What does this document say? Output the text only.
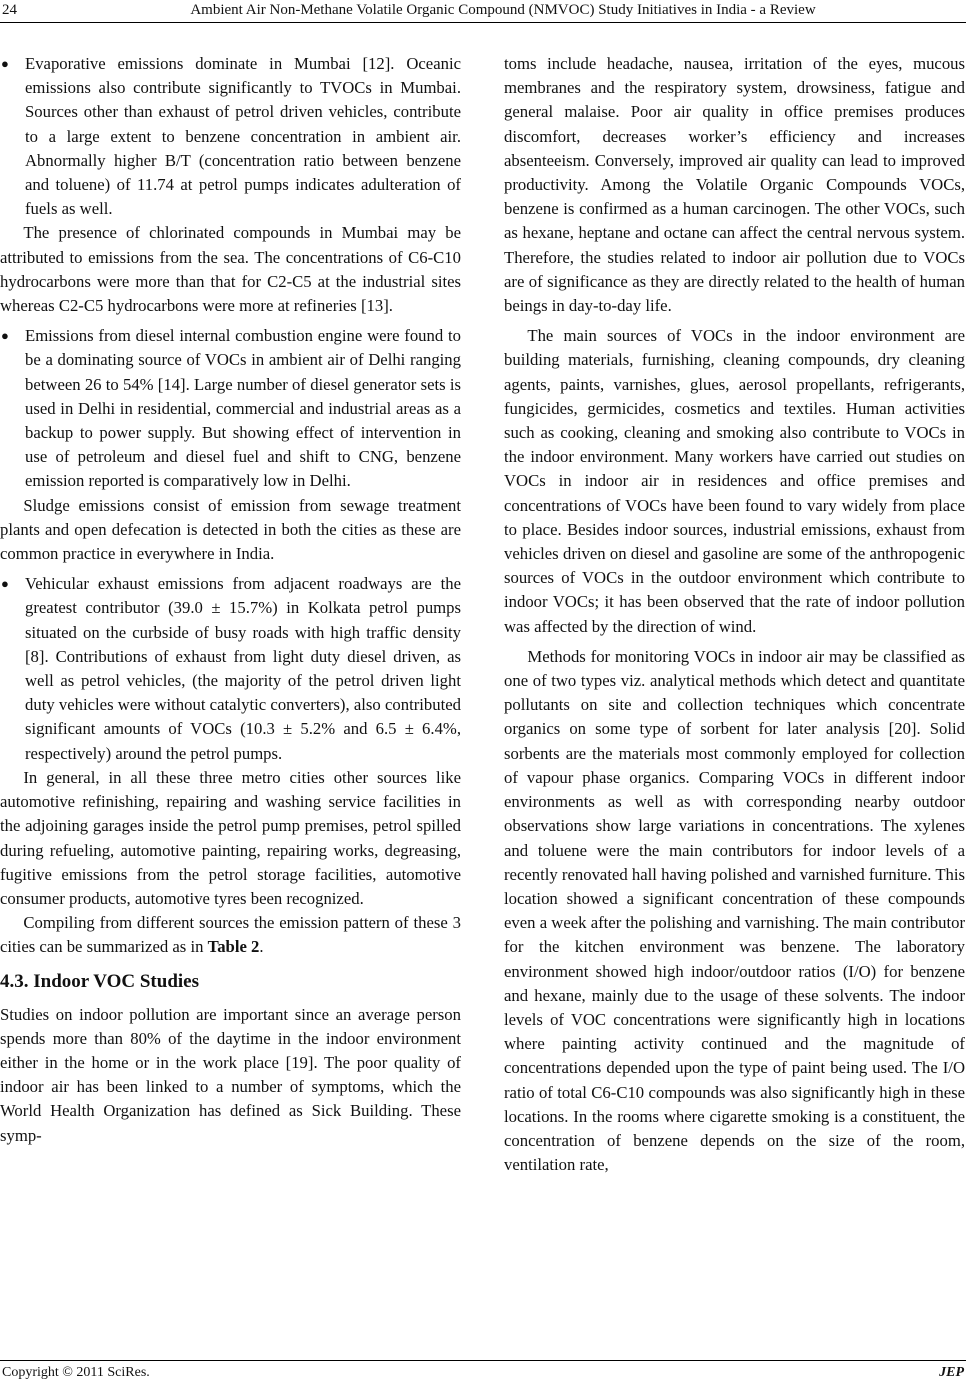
24	Ambient Air Non-Methane Volatile Organic Compound (NMVOC) Study Initiatives in India - a Review
● Evaporative emissions dominate in Mumbai [12]. Oceanic emissions also contribute significantly to TVOCs in Mumbai. Sources other than exhaust of petrol driven vehicles, contribute to a large extent to benzene concentration in ambient air. Abnormally higher B/T (concentration ratio between benzene and toluene) of 11.74 at petrol pumps indicates adulteration of fuels as well.

The presence of chlorinated compounds in Mumbai may be attributed to emissions from the sea. The concentrations of C6-C10 hydrocarbons were more than that for C2-C5 at the industrial sites whereas C2-C5 hydrocarbons were more at refineries [13].

● Emissions from diesel internal combustion engine were found to be a dominating source of VOCs in ambient air of Delhi ranging between 26 to 54% [14]. Large number of diesel generator sets is used in Delhi in residential, commercial and industrial areas as a backup to power supply. But showing effect of intervention in use of petroleum and diesel fuel and shift to CNG, benzene emission reported is comparatively low in Delhi.

Sludge emissions consist of emission from sewage treatment plants and open defecation is detected in both the cities as these are common practice in everywhere in India.

● Vehicular exhaust emissions from adjacent roadways are the greatest contributor (39.0 ± 15.7%) in Kolkata petrol pumps situated on the curbside of busy roads with high traffic density [8]. Contributions of exhaust from light duty diesel driven, as well as petrol vehicles, (the majority of the petrol driven light duty vehicles were without catalytic converters), also contributed significant amounts of VOCs (10.3 ± 5.2% and 6.5 ± 6.4%, respectively) around the petrol pumps.

In general, in all these three metro cities other sources like automotive refinishing, repairing and washing service facilities in the adjoining garages inside the petrol pump premises, petrol spilled during refueling, automotive painting, repairing works, degreasing, fugitive emissions from the petrol storage facilities, automotive consumer products, automotive tyres been recognized.

Compiling from different sources the emission pattern of these 3 cities can be summarized as in Table 2.

4.3. Indoor VOC Studies

Studies on indoor pollution are important since an average person spends more than 80% of the daytime in the indoor environment either in the home or in the work place [19]. The poor quality of indoor air has been linked to a number of symptoms, which the World Health Organization has defined as Sick Building. These symp-

toms include headache, nausea, irritation of the eyes, mucous membranes and the respiratory system, drowsiness, fatigue and general malaise. Poor air quality in office premises produces discomfort, decreases worker’s efficiency and increases absenteeism. Conversely, improved air quality can lead to improved productivity. Among the Volatile Organic Compounds VOCs, benzene is confirmed as a human carcinogen. The other VOCs, such as hexane, heptane and octane can affect the central nervous system. Therefore, the studies related to indoor air pollution due to VOCs are of significance as they are directly related to the health of human beings in day-to-day life.

The main sources of VOCs in the indoor environment are building materials, furnishing, cleaning compounds, dry cleaning agents, paints, varnishes, glues, aerosol propellants, refrigerants, fungicides, germicides, cosmetics and textiles. Human activities such as cooking, cleaning and smoking also contribute to VOCs in the indoor environment. Many workers have carried out studies on VOCs in indoor air in residences and office premises and concentrations of VOCs have been found to vary widely from place to place. Besides indoor sources, industrial emissions, exhaust from vehicles driven on diesel and gasoline are some of the anthropogenic sources of VOCs in the outdoor environment which contribute to indoor VOCs; it has been observed that the rate of indoor pollution was affected by the direction of wind.

Methods for monitoring VOCs in indoor air may be classified as one of two types viz. analytical methods which detect and quantitate pollutants on site and collection techniques which concentrate organics on some type of sorbent for later analysis [20]. Solid sorbents are the materials most commonly employed for collection of vapour phase organics. Comparing VOCs in different indoor environments as well as with corresponding nearby outdoor observations show large variations in concentrations. The xylenes and toluene were the main contributors for indoor levels of a recently renovated hall having polished and varnished furniture. This location showed a significant concentration of these compounds even a week after the polishing and varnishing. The main contributor for the kitchen environment was benzene. The laboratory environment showed high indoor/outdoor ratios (I/O) for benzene and hexane, mainly due to the usage of these solvents. The indoor levels of VOC concentrations were significantly high in locations where painting activity continued and the magnitude of concentrations depended upon the type of paint being used. The I/O ratio of total C6-C10 compounds was also significantly high in these locations. In the rooms where cigarette smoking is a constituent, the concentration of benzene depends on the size of the room, ventilation rate,

Copyright © 2011 SciRes.	JEP
